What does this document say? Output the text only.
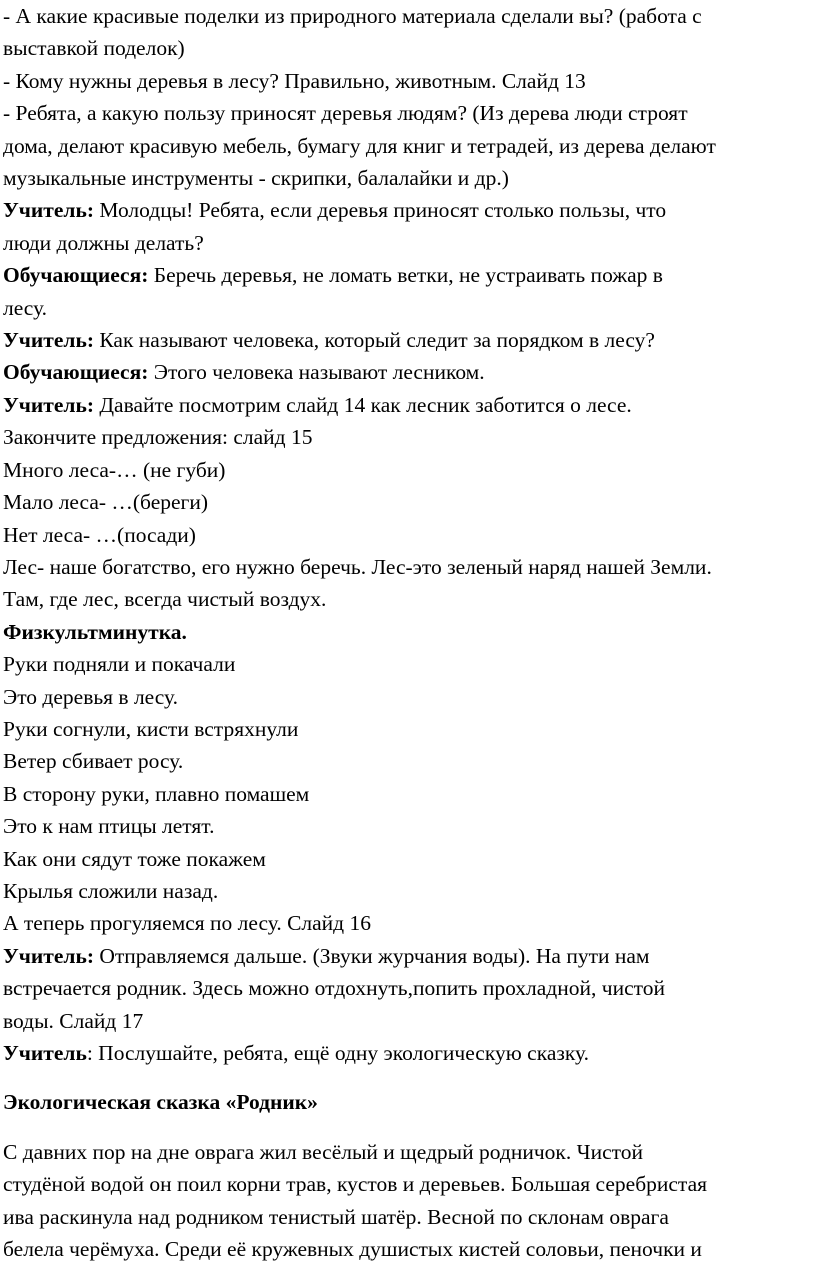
- А какие красивые поделки из природного материала сделали вы? (работа с
выставкой поделок)
- Кому нужны деревья в лесу? Правильно, животным. Слайд 13
- Ребята, а какую пользу приносят деревья людям? (Из дерева люди строят
дома, делают красивую мебель, бумагу для книг и тетрадей, из дерева делают
музыкальные инструменты - скрипки, балалайки и др.)
Учитель: Молодцы! Ребята, если деревья приносят столько пользы, что
люди должны делать?
Обучающиеся: Беречь деревья, не ломать ветки, не устраивать пожар в
лесу.
Учитель: Как называют человека, который следит за порядком в лесу?
Обучающиеся: Этого человека называют лесником.
Учитель: Давайте посмотрим слайд 14 как лесник заботится о лесе.
Закончите предложения: слайд 15
Много леса-… (не губи)
Мало леса- …(береги)
Нет леса- …(посади)
Лес- наше богатство, его нужно беречь. Лес-это зеленый наряд нашей Земли.
Там, где лес, всегда чистый воздух.
Физкультминутка.
Руки подняли и покачали
Это деревья в лесу.
Руки согнули, кисти встряхнули
Ветер сбивает росу.
В сторону руки, плавно помашем
Это к нам птицы летят.
Как они сядут тоже покажем
Крылья сложили назад.
А теперь прогуляемся по лесу. Слайд 16
Учитель: Отправляемся дальше. (Звуки журчания воды). На пути нам
встречается родник. Здесь можно отдохнуть,попить прохладной, чистой
воды. Слайд 17
Учитель: Послушайте, ребята, ещё одну экологическую сказку.
Экологическая сказка «Родник»
С давних пор на дне оврага жил весёлый и щедрый родничок. Чистой
студёной водой он поил корни трав, кустов и деревьев. Большая серебристая
ива раскинула над родником тенистый шатёр. Весной по склонам оврага
белела черёмуха. Среди её кружевных душистых кистей соловьи, пеночки и
